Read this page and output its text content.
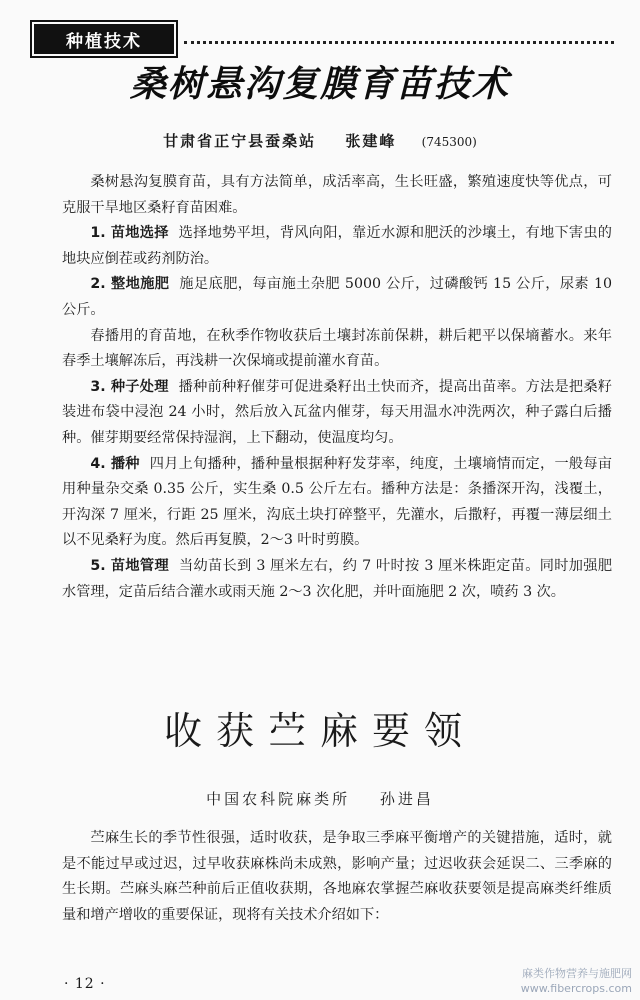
种植技术
桑树悬沟复膜育苗技术
甘肃省正宁县蚕桑站 张建峰 (745300)

桑树悬沟复膜育苗，具有方法简单，成活率高，生长旺盛，繁殖速度快等优点，可克服干旱地区桑籽育苗困难。

1. 苗地选择 选择地势平坦，背风向阳，靠近水源和肥沃的沙壤土，有地下害虫的地块应倒茬或药剂防治。

2. 整地施肥 施足底肥，每亩施土杂肥 5000 公斤，过磷酸钙 15 公斤，尿素 10 公斤。

春播用的育苗地，在秋季作物收获后土壤封冻前保耕，耕后耙平以保墒蓄水。来年春季土壤解冻后，再浅耕一次保墒或提前灌水育苗。

3. 种子处理 播种前种籽催芽可促进桑籽出土快而齐，提高出苗率。方法是把桑籽装进布袋中浸泡 24 小时，然后放入瓦盆内催芽，每天用温水冲洗两次，种子露白后播种。催芽期要经常保持湿润，上下翻动，使温度均匀。

4. 播种 四月上旬播种，播种量根据种籽发芽率，纯度，土壤墒情而定，一般每亩用种量杂交桑 0.35 公斤，实生桑 0.5 公斤左右。播种方法是：条播深开沟，浅覆土，开沟深 7 厘米，行距 25 厘米，沟底土块打碎整平，先灌水，后撒籽，再覆一薄层细土以不见桑籽为度。然后再复膜，2～3 叶时剪膜。

5. 苗地管理 当幼苗长到 3 厘米左右，约 7 叶时按 3 厘米株距定苗。同时加强肥水管理，定苗后结合灌水或雨天施 2～3 次化肥，并叶面施肥 2 次，喷药 3 次。

收获苎麻要领
中国农科院麻类所 孙进昌

苎麻生长的季节性很强，适时收获，是争取三季麻平衡增产的关键措施，适时，就是不能过早或过迟，过早收获麻株尚未成熟，影响产量；过迟收获会延误二、三季麻的生长期。苎麻头麻苎种前后正值收获期，各地麻农掌握苎麻收获要领是提高麻类纤维质量和增产增收的重要保证，现将有关技术介绍如下：

· 12 ·
麻类作物营养与施肥网
www.fibercrops.com
